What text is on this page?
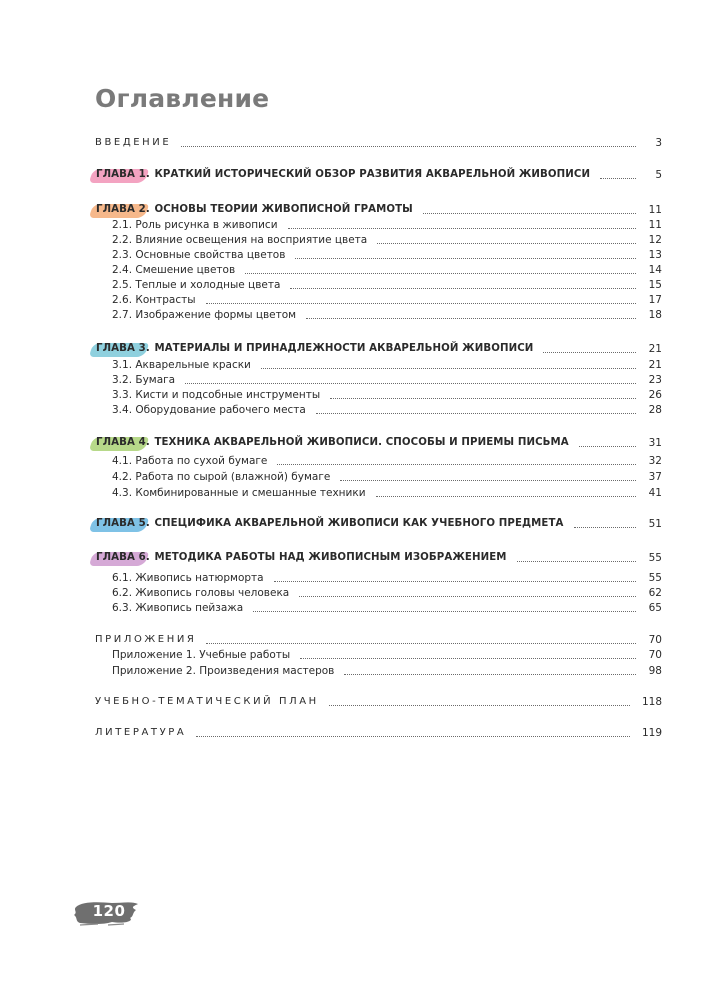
Оглавление
ВВЕДЕНИЕ	3
ГЛАВА 1. КРАТКИЙ ИСТОРИЧЕСКИЙ ОБЗОР РАЗВИТИЯ АКВАРЕЛЬНОЙ ЖИВОПИСИ	5
ГЛАВА 2. ОСНОВЫ ТЕОРИИ ЖИВОПИСНОЙ ГРАМОТЫ	11
2.1. Роль рисунка в живописи	11
2.2. Влияние освещения на восприятие цвета	12
2.3. Основные свойства цветов	13
2.4. Смешение цветов	14
2.5. Теплые и холодные цвета	15
2.6. Контрасты	17
2.7. Изображение формы цветом	18
ГЛАВА 3. МАТЕРИАЛЫ И ПРИНАДЛЕЖНОСТИ АКВАРЕЛЬНОЙ ЖИВОПИСИ	21
3.1. Акварельные краски	21
3.2. Бумага	23
3.3. Кисти и подсобные инструменты	26
3.4. Оборудование рабочего места	28
ГЛАВА 4. ТЕХНИКА АКВАРЕЛЬНОЙ ЖИВОПИСИ. СПОСОБЫ И ПРИЕМЫ ПИСЬМА	31
4.1. Работа по сухой бумаге	32
4.2. Работа по сырой (влажной) бумаге	37
4.3. Комбинированные и смешанные техники	41
ГЛАВА 5. СПЕЦИФИКА АКВАРЕЛЬНОЙ ЖИВОПИСИ КАК УЧЕБНОГО ПРЕДМЕТА	51
ГЛАВА 6. МЕТОДИКА РАБОТЫ НАД ЖИВОПИСНЫМ ИЗОБРАЖЕНИЕМ	55
6.1. Живопись натюрморта	55
6.2. Живопись головы человека	62
6.3. Живопись пейзажа	65
ПРИЛОЖЕНИЯ	70
Приложение 1. Учебные работы	70
Приложение 2. Произведения мастеров	98
УЧЕБНО-ТЕМАТИЧЕСКИЙ ПЛАН	118
ЛИТЕРАТУРА	119
120
